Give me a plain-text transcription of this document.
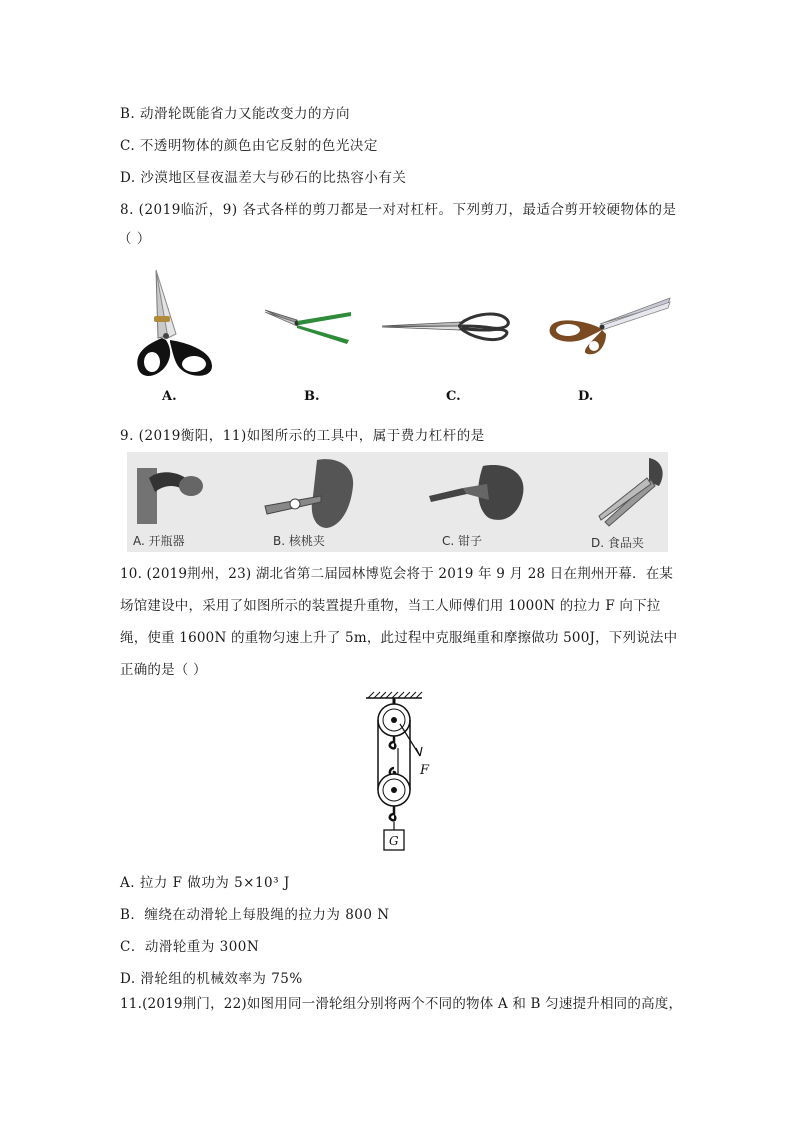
B. 动滑轮既能省力又能改变力的方向
C. 不透明物体的颜色由它反射的色光决定
D. 沙漠地区昼夜温差大与砂石的比热容小有关
8. (2019临沂，9) 各式各样的剪刀都是一对对杠杆。下列剪刀，最适合剪开较硬物体的是
（ ）
A.	B.	C.	D.
9. (2019衡阳，11)如图所示的工具中，属于费力杠杆的是
A. 开瓶器	B. 核桃夹	C. 钳子	D. 食品夹
10. (2019荆州，23) 湖北省第二届园林博览会将于 2019 年 9 月 28 日在荆州开幕．在某
场馆建设中，采用了如图所示的装置提升重物，当工人师傅们用 1000N 的拉力 F 向下拉
绳，使重 1600N 的重物匀速上升了 5m，此过程中克服绳重和摩擦做功 500J，下列说法中
正确的是（ ）
F
G
A. 拉力 F 做功为 5×10³ J
B．缠绕在动滑轮上每股绳的拉力为 800 N
C．动滑轮重为 300N
D. 滑轮组的机械效率为 75%
11.(2019荆门，22)如图用同一滑轮组分别将两个不同的物体 A 和 B 匀速提升相同的高度，
